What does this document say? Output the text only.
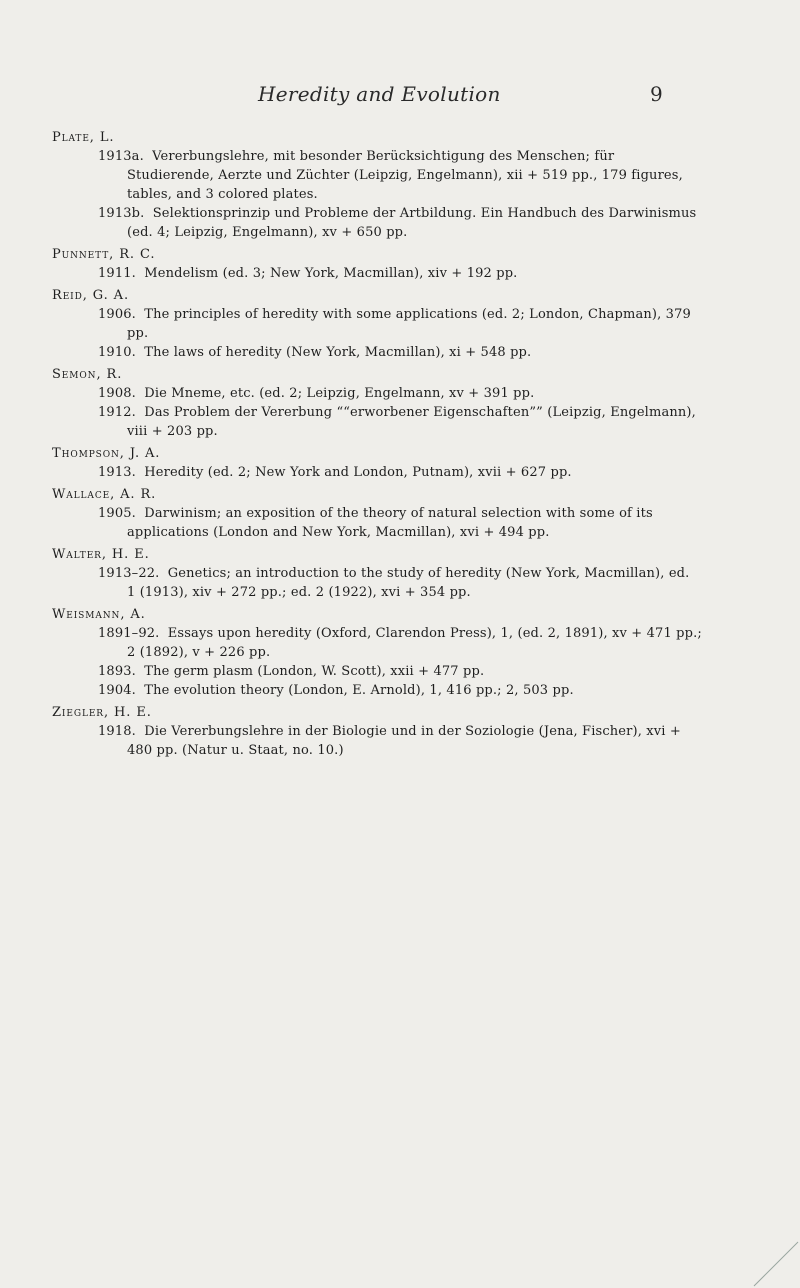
Heredity and Evolution	9

Plate, L.

1913a. Vererbungslehre, mit besonder Berücksichtigung des Menschen; für Studierende, Aerzte und Züchter (Leipzig, Engelmann), xii + 519 pp., 179 figures, tables, and 3 colored plates.

1913b. Selektionsprinzip und Probleme der Artbildung. Ein Handbuch des Darwinismus (ed. 4; Leipzig, Engelmann), xv + 650 pp.

Punnett, R. C.

1911. Mendelism (ed. 3; New York, Macmillan), xiv + 192 pp.

Reid, G. A.

1906. The principles of heredity with some applications (ed. 2; London, Chapman), 379 pp.

1910. The laws of heredity (New York, Macmillan), xi + 548 pp.

Semon, R.

1908. Die Mneme, etc. (ed. 2; Leipzig, Engelmann, xv + 391 pp.

1912. Das Problem der Vererbung ““erworbener Eigenschaften”” (Leipzig, Engelmann), viii + 203 pp.

Thompson, J. A.

1913. Heredity (ed. 2; New York and London, Putnam), xvii + 627 pp.

Wallace, A. R.

1905. Darwinism; an exposition of the theory of natural selection with some of its applications (London and New York, Macmillan), xvi + 494 pp.

Walter, H. E.

1913–22. Genetics; an introduction to the study of heredity (New York, Macmillan), ed. 1 (1913), xiv + 272 pp.; ed. 2 (1922), xvi + 354 pp.

Weismann, A.

1891–92. Essays upon heredity (Oxford, Clarendon Press), 1, (ed. 2, 1891), xv + 471 pp.; 2 (1892), v + 226 pp.

1893. The germ plasm (London, W. Scott), xxii + 477 pp.

1904. The evolution theory (London, E. Arnold), 1, 416 pp.; 2, 503 pp.

Ziegler, H. E.

1918. Die Vererbungslehre in der Biologie und in der Soziologie (Jena, Fischer), xvi + 480 pp. (Natur u. Staat, no. 10.)
